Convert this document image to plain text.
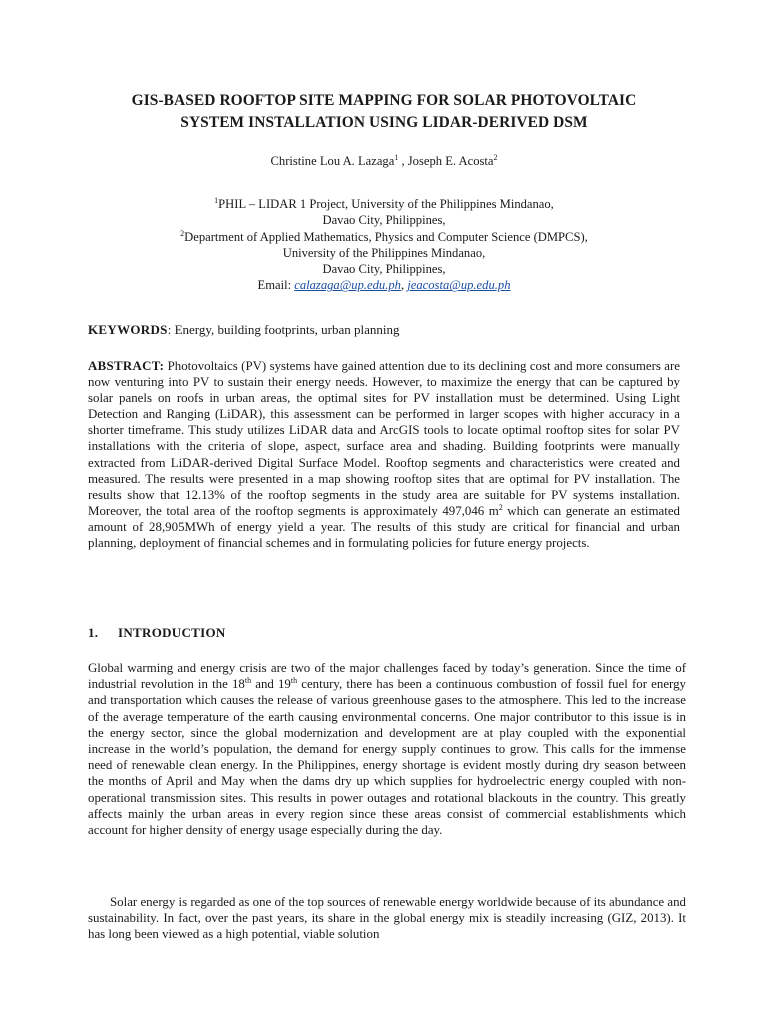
GIS-BASED ROOFTOP SITE MAPPING FOR SOLAR PHOTOVOLTAIC
SYSTEM INSTALLATION USING LIDAR-DERIVED DSM
Christine Lou A. Lazaga$^1$ , Joseph E. Acosta$^2$
$^1$PHIL – LIDAR 1 Project, University of the Philippines Mindanao,
Davao City, Philippines,
$^2$Department of Applied Mathematics, Physics and Computer Science (DMPCS),
University of the Philippines Mindanao,
Davao City, Philippines,
Email: calazaga@up.edu.ph, jeacosta@up.edu.ph
KEYWORDS: Energy, building footprints, urban planning
ABSTRACT: Photovoltaics (PV) systems have gained attention due to its declining cost and more consumers are now venturing into PV to sustain their energy needs. However, to maximize the energy that can be captured by solar panels on roofs in urban areas, the optimal sites for PV installation must be determined. Using Light Detection and Ranging (LiDAR), this assessment can be performed in larger scopes with higher accuracy in a shorter timeframe. This study utilizes LiDAR data and ArcGIS tools to locate optimal rooftop sites for solar PV installations with the criteria of slope, aspect, surface area and shading. Building footprints were manually extracted from LiDAR-derived Digital Surface Model. Rooftop segments and characteristics were created and measured. The results were presented in a map showing rooftop sites that are optimal for PV installation. The results show that 12.13% of the rooftop segments in the study area are suitable for PV systems installation. Moreover, the total area of the rooftop segments is approximately 497,046 $m^2$ which can generate an estimated amount of 28,905MWh of energy yield a year. The results of this study are critical for financial and urban planning, deployment of financial schemes and in formulating policies for future energy projects.
1. INTRODUCTION
Global warming and energy crisis are two of the major challenges faced by today’s generation. Since the time of industrial revolution in the 18th and 19th century, there has been a continuous combustion of fossil fuel for energy and transportation which causes the release of various greenhouse gases to the atmosphere. This led to the increase of the average temperature of the earth causing environmental concerns. One major contributor to this issue is in the energy sector, since the global modernization and development are at play coupled with the exponential increase in the world’s population, the demand for energy supply continues to grow. This calls for the immense need of renewable clean energy. In the Philippines, energy shortage is evident mostly during dry season between the months of April and May when the dams dry up which supplies for hydroelectric energy coupled with non-operational transmission sites. This results in power outages and rotational blackouts in the country. This greatly affects mainly the urban areas in every region since these areas consist of commercial establishments which account for higher density of energy usage especially during the day.
Solar energy is regarded as one of the top sources of renewable energy worldwide because of its abundance and sustainability. In fact, over the past years, its share in the global energy mix is steadily increasing (GIZ, 2013). It has long been viewed as a high potential, viable solution
